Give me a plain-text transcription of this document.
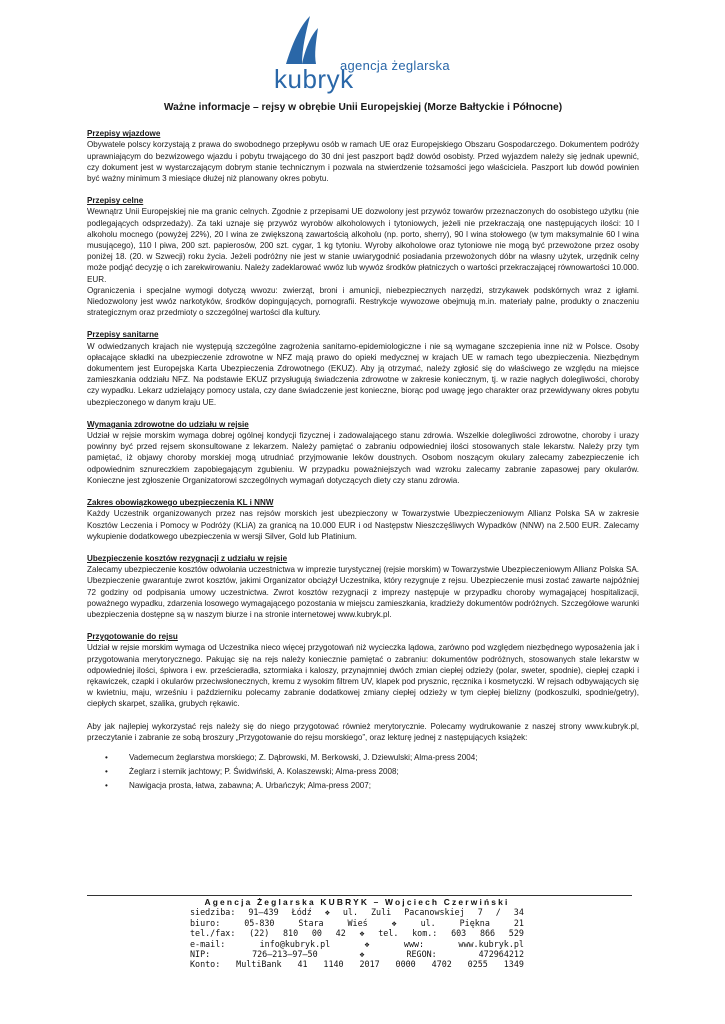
kubryk
agencja żeglarska
Ważne informacje – rejsy w obrębie Unii Europejskiej (Morze Bałtyckie i Północne)
Przepisy wjazdowe

Obywatele polscy korzystają z prawa do swobodnego przepływu osób w ramach UE oraz Europejskiego Obszaru Gospodarczego. Dokumentem podróży uprawniającym do bezwizowego wjazdu i pobytu trwającego do 30 dni jest paszport bądź dowód osobisty. Przed wyjazdem należy się jednak upewnić, czy dokument jest w wystarczającym dobrym stanie technicznym i pozwala na stwierdzenie tożsamości jego właściciela. Paszport lub dowód powinien być ważny minimum 3 miesiące dłużej niż planowany okres pobytu.

Przepisy celne

Wewnątrz Unii Europejskiej nie ma granic celnych. Zgodnie z przepisami UE dozwolony jest przywóz towarów przeznaczonych do osobistego użytku (nie podlegających odsprzedaży). Za taki uznaje się przywóz wyrobów alkoholowych i tytoniowych, jeżeli nie przekraczają one następujących ilości: 10 l alkoholu mocnego (powyżej 22%), 20 l wina ze zwiększoną zawartością alkoholu (np. porto, sherry), 90 l wina stołowego (w tym maksymalnie 60 l wina musującego), 110 l piwa, 200 szt. papierosów, 200 szt. cygar, 1 kg tytoniu. Wyroby alkoholowe oraz tytoniowe nie mogą być przewożone przez osoby poniżej 18. (20. w Szwecji) roku życia. Jeżeli podróżny nie jest w stanie uwiarygodnić posiadania przewożonych dóbr na własny użytek, urzędnik celny może podjąć decyzję o ich zarekwirowaniu. Należy zadeklarować wwóz lub wywóz środków płatniczych o wartości przekraczającej równowartości 10.000. EUR.

Ograniczenia i specjalne wymogi dotyczą wwozu: zwierząt, broni i amunicji, niebezpiecznych narzędzi, strzykawek podskórnych wraz z igłami. Niedozwolony jest wwóz narkotyków, środków dopingujących, pornografii. Restrykcje wywozowe obejmują m.in. materiały palne, produkty o znaczeniu strategicznym oraz przedmioty o szczególnej wartości dla kultury.

Przepisy sanitarne

W odwiedzanych krajach nie występują szczególne zagrożenia sanitarno-epidemiologiczne i nie są wymagane szczepienia inne niż w Polsce. Osoby opłacające składki na ubezpieczenie zdrowotne w NFZ mają prawo do opieki medycznej w krajach UE w ramach tego ubezpieczenia. Niezbędnym dokumentem jest Europejska Karta Ubezpieczenia Zdrowotnego (EKUZ). Aby ją otrzymać, należy zgłosić się do właściwego ze względu na miejsce zamieszkania oddziału NFZ. Na podstawie EKUZ przysługują świadczenia zdrowotne w zakresie koniecznym, tj. w razie nagłych dolegliwości, choroby czy wypadku. Lekarz udzielający pomocy ustala, czy dane świadczenie jest konieczne, biorąc pod uwagę jego charakter oraz przewidywany okres pobytu ubezpieczonego w danym kraju UE.

Wymagania zdrowotne do udziału w rejsie

Udział w rejsie morskim wymaga dobrej ogólnej kondycji fizycznej i zadowalającego stanu zdrowia. Wszelkie dolegliwości zdrowotne, choroby i urazy powinny być przed rejsem skonsultowane z lekarzem. Należy pamiętać o zabraniu odpowiedniej ilości stosowanych stale lekarstw. Należy przy tym pamiętać, iż objawy choroby morskiej mogą utrudniać przyjmowanie leków doustnych. Osobom noszącym okulary zalecamy zabezpieczenie ich odpowiednim sznureczkiem zapobiegającym zgubieniu. W przypadku poważniejszych wad wzroku zalecamy zabranie zapasowej pary okularów. Konieczne jest zgłoszenie Organizatorowi szczególnych wymagań dotyczących diety czy stanu zdrowia.

Zakres obowiązkowego ubezpieczenia KL i NNW

Każdy Uczestnik organizowanych przez nas rejsów morskich jest ubezpieczony w Towarzystwie Ubezpieczeniowym Allianz Polska SA w zakresie Kosztów Leczenia i Pomocy w Podróży (KLiA) za granicą na 10.000 EUR i od Następstw Nieszczęśliwych Wypadków (NNW) na 2.500 EUR. Zalecamy wykupienie dodatkowego ubezpieczenia w wersji Silver, Gold lub Platinium.

Ubezpieczenie kosztów rezygnacji z udziału w rejsie

Zalecamy ubezpieczenie kosztów odwołania uczestnictwa w imprezie turystycznej (rejsie morskim) w Towarzystwie Ubezpieczeniowym Allianz Polska SA. Ubezpieczenie gwarantuje zwrot kosztów, jakimi Organizator obciążył Uczestnika, który rezygnuje z rejsu. Ubezpieczenie musi zostać zawarte najpóźniej 72 godziny od podpisania umowy uczestnictwa. Zwrot kosztów rezygnacji z imprezy następuje w przypadku choroby wymagającej hospitalizacji, poważnego wypadku, zdarzenia losowego wymagającego pozostania w miejscu zamieszkania, kradzieży dokumentów podróżnych. Szczegółowe warunki ubezpieczenia dostępne są w naszym biurze i na stronie internetowej www.kubryk.pl.

Przygotowanie do rejsu

Udział w rejsie morskim wymaga od Uczestnika nieco więcej przygotowań niż wycieczka lądowa, zarówno pod względem niezbędnego wyposażenia jak i przygotowania merytorycznego. Pakując się na rejs należy koniecznie pamiętać o zabraniu: dokumentów podróżnych, stosowanych stale lekarstw w odpowiedniej ilości, śpiwora i ew. prześcieradła, sztormiaka i kaloszy, przynajmniej dwóch zmian ciepłej odzieży (polar, sweter, spodnie), ciepłej czapki i rękawiczek, czapki i okularów przeciwsłonecznych, kremu z wysokim filtrem UV, klapek pod prysznic, ręcznika i kosmetyczki. W rejsach odbywających się w kwietniu, maju, wrześniu i październiku polecamy zabranie dodatkowej zmiany ciepłej odzieży w tym ciepłej bielizny (podkoszulki, spodnie/getry), ciepłych skarpet, szalika, grubych rękawic.

Aby jak najlepiej wykorzystać rejs należy się do niego przygotować również merytorycznie. Polecamy wydrukowanie z naszej strony www.kubryk.pl, przeczytanie i zabranie ze sobą broszury „Przygotowanie do rejsu morskiego”, oraz lekturę jednej z następujących książek:

• Vademecum żeglarstwa morskiego; Z. Dąbrowski, M. Berkowski, J. Dziewulski; Alma-press 2004;
• Żeglarz i sternik jachtowy; P. Świdwiński, A. Kolaszewski; Alma-press 2008;
• Nawigacja prosta, łatwa, zabawna; A. Urbańczyk; Alma-press 2007;
Agencja Żeglarska KUBRYK – Wojciech Czerwiński
siedziba: 91–439 Łódź ❖ ul. Zuli Pacanowskiej 7 / 34
biuro:	05-830	Stara	Wieś	❖	ul.	Piękna	21
tel./fax: (22) 810 00 42 ❖ tel. kom.: 603 866 529
e-mail:	info@kubryk.pl	❖	www:	www.kubryk.pl
NIP:	726–213–97–50	❖	REGON:	472964212
Konto: MultiBank 41 1140 2017 0000 4702 0255 1349
